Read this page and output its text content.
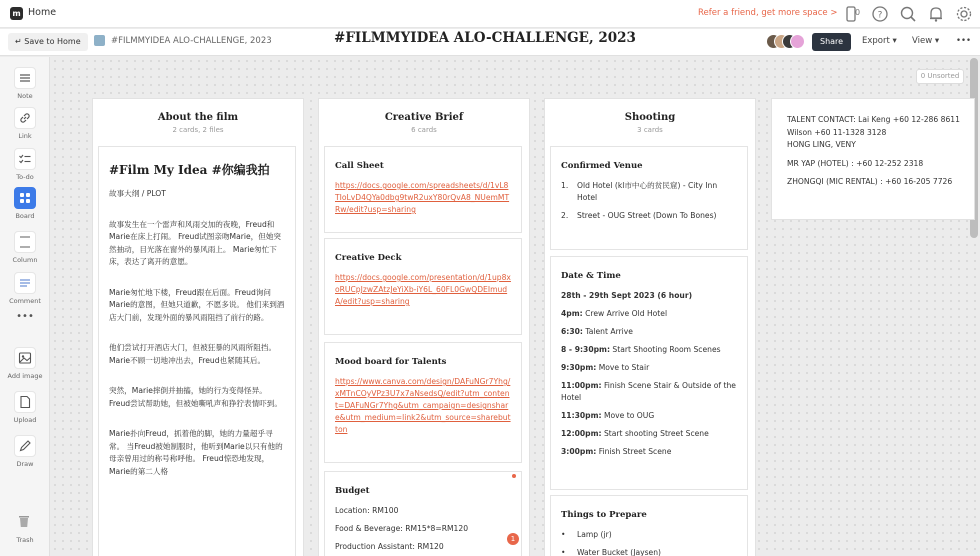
m Home	Refer a friend, get more space > 0 ?
↵ Save to Home	#FILMMYIDEA ALO-CHALLENGE, 2023	#FILMMYIDEA ALO-CHALLENGE, 2023	Share	Export ▾ View ▾ •••
Note
Link
To-do
Board
Column
Comment
•••
Add image
Upload
Draw
Trash
0 Unsorted
About the film
2 cards, 2 files
#Film My Idea #你编我拍
故事大纲 / PLOT
故事发生在一个雷声和风雨交加的夜晚，Freud和Marie在床上打闹。 Freud试图亲吻Marie，但她突然抽动，目光落在窗外的暴风雨上。 Marie匆忙下床，表达了离开的意愿。
Marie匆忙地下楼，Freud跟在后面。Freud询问Marie的意图，但她只道歉，不愿多说。 他们来到酒店大门前，发现外面的暴风雨阻挡了前行的路。
他们尝试打开酒店大门，但被狂暴的风雨所阻挡。 Marie不顾一切地冲出去，Freud也紧随其后。
突然，Marie摔倒并抽搐，她的行为变得怪异。 Freud尝试帮助她，但被她嘶吼声和狰狞表情吓到。
Marie扑向Freud，抓着他的脚，她的力量超乎寻常。 当Freud被她制服时，他听到Marie以只有他的母亲曾用过的称号称呼他。 Freud惊恐地发现，Marie的第二人格
Creative Brief
6 cards
Call Sheet
https://docs.google.com/spreadsheets/d/1vL8TIoLvD4QYa0dbg9twR2uxY80rQvA8_NUemMTRw/edit?usp=sharing
Creative Deck
https://docs.google.com/presentation/d/1up8xoRUCpJzwZAtzJeYiXb-iY6L_60FL0GwQDEImudA/edit?usp=sharing
Mood board for Talents
https://www.canva.com/design/DAFuNGr7Yhg/xMTnCOyVPz3U7x7aNsedsQ/edit?utm_content=DAFuNGr7Yhg&utm_campaign=designshare&utm_medium=link2&utm_source=sharebutton
Budget
Location: RM100
Food & Beverage: RM15*8=RM120
Production Assistant: RM120
1
Shooting
3 cards
Confirmed Venue
1. Old Hotel (kl市中心的贫民窟) - City Inn Hotel
2. Street - OUG Street (Down To Bones)
Date & Time
28th - 29th Sept 2023 (6 hour)
4pm: Crew Arrive Old Hotel
6:30: Talent Arrive
8 - 9:30pm: Start Shooting Room Scenes
9:30pm: Move to Stair
11:00pm: Finish Scene Stair & Outside of the Hotel
11:30pm: Move to OUG
12:00pm: Start shooting Street Scene
3:00pm: Finish Street Scene
Things to Prepare
• Lamp (jr)
• Water Bucket (Jaysen)
TALENT CONTACT: Lai Keng +60 12-286 8611
Wilson +60 11-1328 3128
HONG LING, VENY
MR YAP (HOTEL) : +60 12-252 2318
ZHONGQI (MIC RENTAL) : +60 16-205 7726
